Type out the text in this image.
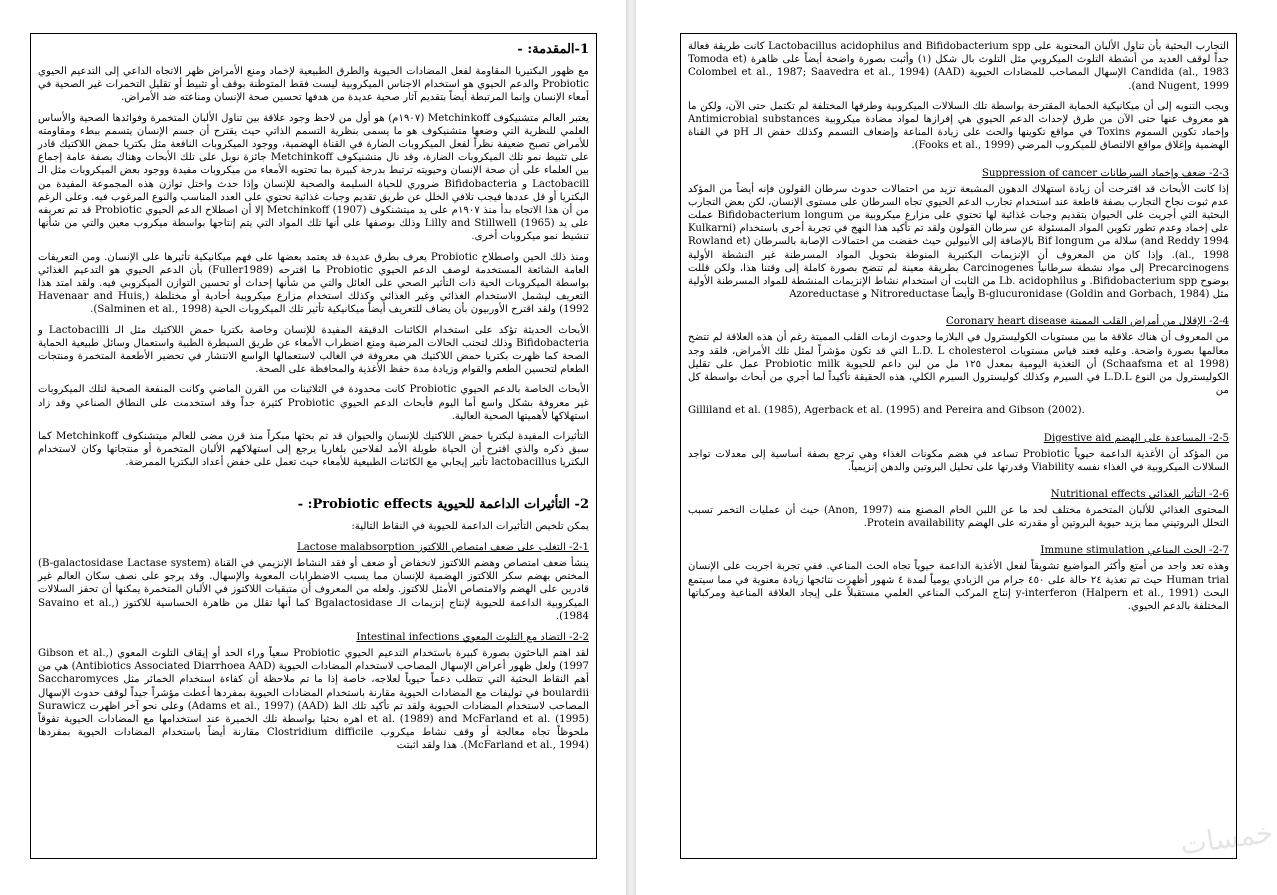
1-المقدمة: -

مع ظهور البكتيريا المقاومة لفعل المضادات الحيوية والطرق الطبيعية لإخماد ومنع الأمراض ظهر الاتجاه الداعي إلى التدعيم الحيوي Probiotic والدعم الحيوي هو استخدام الاجناس الميكروبية ليست فقط المتوطنة بوقف أو تثبيط أو تقليل التخمرات غير الصحية في أمعاء الإنسان وإنما المرتبطة أيضاً بتقديم آثار صحية عديدة من هدفها تحسين صحة الإنسان ومناعته ضد الأمراض.

يعتبر العالم متشنيكوف Metchinkoff (١٩٠٧م) هو أول من لاحظ وجود علاقة بين تناول الألبان المتخمرة وفوائدها الصحية والأساس العلمي للنظرية التي وضعها متشنيكوف هو ما يسمى بنظرية التسمم الذاتي حيث يقترح أن جسم الإنسان يتسمم ببطء ومقاومته للأمراض تصبح ضعيفة نظراً لفعل الميكروبات الضارة في القناة الهضمية، ووجود الميكروبات النافعة مثل بكتريا حمض اللاكتيك قادر على تثبيط نمو تلك الميكروبات الضارة، وقد نال متشنيكوف Metchinkoff جائزة نوبل على تلك الأبحاث وهناك بصفة عامة إجماع بين العلماء على أن صحة الإنسان وحيويته ترتبط بدرجة كبيرة بما تحتويه الأمعاء من ميكروبات مفيدة ووجود بعض الميكروبات مثل الـ Lactobacill و Bifidobacteria ضروري للحياة السليمة والصحية للإنسان وإذا حدث واختل توازن هذه المجموعة المفيدة من البكتريا أو قل عددها فيجب تلافي الخلل عن طريق تقديم وجبات غذائية تحتوي على العدد المناسب والنوع المرغوب فيه. وعلى الرغم من أن هذا الاتجاه بدأ منذ ١٩٠٧م على يد ميتشنكوف Metchinkoff (1907) إلا أن اصطلاح الدعم الحيوي Probiotic قد تم تعريفه على يد Lilly and Stillwell (1965) وذلك بوصفها على أنها تلك المواد التي يتم إنتاجها بواسطة ميكروب معين والتي من شأنها تنشيط نمو ميكروبات أخرى.

ومنذ ذلك الحين واصطلاح Probiotic يعرف بطرق عديدة قد يعتمد بعضها على فهم ميكانيكية تأثيرها على الإنسان. ومن التعريفات العامة الشائعة المستخدمة لوصف الدعم الحيوي Probiotic ما اقترحه (Fuller1989) بأن الدعم الحيوي هو التدعيم الغذائي بواسطة الميكروبات الحية ذات التأثير الصحي على العائل والتي من شأنها إحداث أو تحسين التوازن الميكروبي فيه. ولقد امتد هذا التعريف ليشمل الاستخدام الغذائي وغير الغذائي وكذلك استخدام مزارع ميكروبية أحادية أو مختلطة (Havenaar and Huis, 1992) ولقد اقترح الأوربيون بأن يضاف للتعريف أيضاً ميكانيكية تأثير تلك الميكروبات الحية (Salminen et al., 1998).

الأبحاث الحديثة تؤكد على استخدام الكائنات الدقيقة المفيدة للإنسان وخاصة بكتريا حمض اللاكتيك مثل الـ Lactobacilli و Bifidobacteria وذلك لتجنب الحالات المرضية ومنع اضطراب الأمعاء عن طريق السيطرة الطبية واستعمال وسائل طبيعية الحماية الصحة كما ظهرت بكتريا حمض اللاكتيك هي معروفة في الغالب لاستعمالها الواسع الانتشار في تحضير الأطعمة المتخمرة ومنتجات الطعام لتحسين الطعم والقوام وزيادة مدة حفظ الأغذية والمحافظة على الصحة.

الأبحاث الخاصة بالدعم الحيوي Probiotic كانت محدودة في الثلاثينات من القرن الماضي وكانت المنفعة الصحية لتلك الميكروبات غير معروفة بشكل واسع أما اليوم فأبحاث الدعم الحيوي Probiotic كثيرة جداً وقد استخدمت على النطاق الصناعي وقد زاد استهلاكها لأهميتها الصحية العالية.

التأثيرات المفيدة لبكتريا حمض اللاكتيك للإنسان والحيوان قد تم بحثها مبكراً منذ قرن مضى للعالم ميتشنكوف Metchinkoff كما سبق ذكره والذي اقترح أن الحياة طويلة الأمد لفلاحين بلغاريا يرجع إلى استهلاكهم الألبان المتخمرة أو منتجاتها وكان لاستخدام البكتريا lactobacillus تأثير إيجابي مع الكائنات الطبيعية للأمعاء حيث تعمل على خفض أعداد البكتريا الممرضة.

2- التأثيرات الداعمة للحيوية Probiotic effects: -

يمكن تلخيص التأثيرات الداعمة للحيوية في النقاط التالية:

2-1- التغلب على ضعف امتصاص اللاكتوز Lactose malabsorption

ينشأ ضعف امتصاص وهضم اللاكتوز لانخفاض أو ضعف أو فقد النشاط الإنزيمي في القناة (B-galactosidase Lactase system) المختص بهضم سكر اللاكتوز الهضمية للإنسان مما يسبب الاضطرابات المعوية والإسهال. وقد يرجو على نصف سكان العالم غير قادرين على الهضم والامتصاص الأمثل للاكتوز. ولعله من المعروف أن متبقيات اللاكتوز في الألبان المتخمرة يمكنها أن تحفز السلالات الميكروبية الداعمة للحيوية لإنتاج إنزيمات الـ Bgalactosidase كما أنها تقلل من ظاهرة الحساسية للاكتوز (Savaino et al., 1984).

2-2- التضاد مع التلوث المعوي Intestinal infections

لقد اهتم الباحثون بصورة كبيرة باستخدام التدعيم الحيوي Probiotic سعياً وراء الحد أو إيقاف التلوث المعوي (Gibson et al., 1997) ولعل ظهور أعراض الإسهال المصاحب لاستخدام المضادات الحيوية (Antibiotics Associated Diarrhoea AAD) هي من أهم النقاط البحثية التي تتطلب دعماً حيوياً لعلاجه، خاصة إذا ما تم ملاحظة أن كفاءة استخدام الخمائر مثل Saccharomyces boulardii في توليفات مع المضادات الحيوية مقارنة باستخدام المضادات الحيوية بمفردها أعطت مؤشراً جيداً لوقف حدوث الإسهال المصاحب لاستخدام المضادات الحيوية ولقد تم تأكيد تلك الظ (AAD) (Adams et al., 1997) وعلى نحو آخر اظهرت Surawicz et al. (1989) and McFarland et al. (1995) اهره بحثيا بواسطة تلك الخميرة عند استخدامها مع المضادات الحيوية تفوقاً ملحوظاً تجاه معالجة أو وقف نشاط ميكروب Clostridium difficile مقارنة أيضاً باستخدام المضادات الحيوية بمفردها (McFarland et al., 1994). هذا ولقد اثبتت

التجارب البحثية بأن تناول الألبان المحتوية على Lactobacillus acidophilus and Bifidobacterium spp كانت طريقة فعالة جداً لوقف العديد من أنشطة التلوث الميكروبي مثل التلوث بال شكل (١) وأثبت بصورة واضحة أيضاً على ظاهرة (Tomoda et al., 1983) Candida الإسهال المصاحب للمضادات الحيوية (AAD) (Colombel et al., 1987; Saavedra et al., 1994 and Nugent, 1999).

ويجب التنويه إلى أن ميكانيكية الحماية المقترحة بواسطة تلك السلالات الميكروبية وطرقها المختلفة لم تكتمل حتى الآن، ولكن ما هو معروف عنها حتى الآن من طرق لإحداث الدعم الحيوي هي إفرازها لمواد مضادة ميكروبية Antimicrobial substances وإخماد تكوين السموم Toxins في مواقع تكوينها والحث على زيادة المناعة وإضعاف التسمم وكذلك خفض الـ pH في القناة الهضمية وإغلاق مواقع الالتصاق للميكروب المرضي (Fooks et al., 1999).

2-3- ضعف وإخماد السرطانات Suppression of cancer

إذا كانت الأبحاث قد اقترحت أن زيادة استهلاك الدهون المشبعة تزيد من احتمالات حدوث سرطان القولون فإنه أيضاً من المؤكد عدم ثبوت نجاح التجارب بصفة قاطعة عند استخدام تجارب الدعم الحيوي تجاه السرطان على مستوى الإنسان، لكن بعض التجارب البحثية التي أجريت على الحيوان بتقديم وجبات غذائية لها تحتوي على مزارع ميكروبية من Bifidobacterium longum عملت على إخماد وعدم تطور تكوين المواد المسئولة عن سرطان القولون ولقد تم تأكيد هذا النهج في تجربة أخرى باستخدام (Kulkarni and Reddy 1994) سلالة من Bif longum بالإضافة إلى الأنيولين حيث خفضت من احتمالات الإصابة بالسرطان (Rowland et al., 1998). وإذا كان من المعروف أن الإنزيمات البكتيرية المنوطة بتحويل المواد المسرطنة غير النشطة الأولية Precarcinogens إلى مواد نشطة سرطانياً Carcinogenes بطريقة معينة لم تتضح بصورة كاملة إلى وقتنا هذا، ولكن قللت بوضوح Bifidobacterium spp. و Lb. acidophilus من الثابت أن استخدام نشاط الإنزيمات المنشطة للمواد المسرطنة الأولية مثل B-glucuronidase (Goldin and Gorbach, 1984) وأيضاً Nitroreductase و Azoreductase

2-4- الإقلال من أمراض القلب المميتة Coronary heart disease

من المعروف أن هناك علاقة ما بين مستويات الكوليسترول في البلازما وحدوث ازمات القلب المميتة رغم أن هذه العلاقة لم تتضح معالمها بصورة واضحة. وعليه فعند قياس مستويات L.D. L cholesterol التي قد تكون مؤشراً لمثل تلك الأمراض، فلقد وجد (Schaafsma et al 1998) أن التغذية اليومية بمعدل ١٢٥ مل من لبن داعم للحيوية Probiotic milk عمل على تقليل الكوليسترول من النوع L.D.L في السيرم وكذلك كوليسترول السيرم الكلي، هذه الحقيقة تأكيداً لما أجري من أبحاث بواسطة كل من

Gilliland et al. (1985), Agerback et al. (1995) and Pereira and Gibson (2002).
2-5- المساعدة على الهضم Digestive aid

من المؤكد أن الأغذية الداعمة حيوياً Probiotic تساعد في هضم مكونات الغذاء وهي ترجع بصفة أساسية إلى معدلات تواجد السلالات الميكروبية في الغذاء نفسه Viability وقدرتها على تحليل البروتين والدهن إنزيمياً.

2-6- التأثير الغذائي Nutritional effects

المحتوى الغذائي للألبان المتخمرة مختلف لحد ما عن اللبن الخام المصنع منه (Anon, 1997) حيث أن عمليات التخمر تسبب التحلل البروتيني مما يزيد حيوية البروتين أو مقدرته على الهضم Protein availability.

2-7- الحث المناعي Immune stimulation

وهذه تعد واحد من أمتع وأكثر المواضيع تشويقاً لفعل الأغذية الداعمة حيوياً تجاه الحث المناعي. ففي تجربة اجريت على الإنسان Human trial حيث تم تغذية ٢٤ حالة على ٤٥٠ جرام من الزبادي يومياً لمدة ٤ شهور أظهرت نتائجها زيادة معنوية في مما سيتمع البحث y-interferon (Halpern et al., 1991) إنتاج المركب المناعي العلمي مستقبلاً على إيجاد العلاقة المناعية ومركباتها المختلفة بالدعم الحيوي.

خمسات
